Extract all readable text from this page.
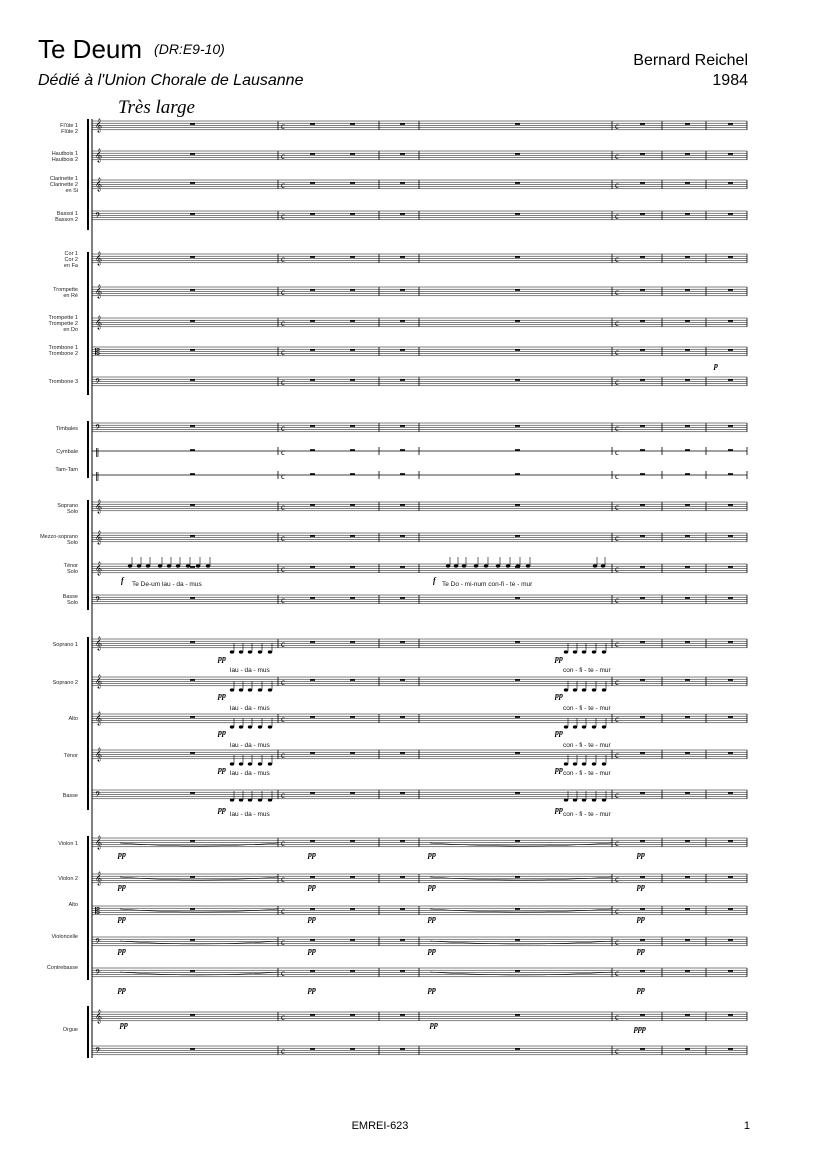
Te Deum (DR:E9-10)
Dédié à l'Union Chorale de Lausanne
Bernard Reichel
1984
Très large
𝄞	c	c
𝄞	c	c
𝄞	c	c
𝄢	c	c
𝄞	c	c
𝄞	c	c
𝄞	c	c
𝄡	c	c
𝄢	c	c
𝄢	c	c
‖	c	c
‖	c	c
𝄞	c	c
𝄞	c	c
𝄞	c	c
𝄢	c	c
𝄞	c	c
𝄞	c	c
𝄞	c	c
𝄞	c	c
𝄢	c	c
𝄞	c	c
𝄞	c	c
𝄡	c	c
𝄢	c	c
𝄢	c	c
𝄞	c	c
𝄢	c	c
Fl'ûte 1
Flûte 2
Hautbois 1
Hautbois 2
Clarinette 1
Clarinette 2
en Si
Bassoi 1
Basson 2
Cor 1
Cor 2
en Fa
Trompette
en Ré
Trompette 1
Trompette 2
en Do
Trombone 1
Trombone 2
Trombone 3
Timbales
Cymbale
Tam-Tam
Soprano
Solo
Mezzo-soprano
Solo
Ténor
Solo
Basse
Solo
Soprano 1
Soprano 2
Alto
Ténor
Basse
Violon 1
Violon 2
Alto
Violoncelle
Contrebasse
Orgue
Te De-um lau - da - mus	Te Do - mi-num con-fi - te - mur
lau - da - mus	con - fi - te - mur
lau - da - mus	con - fi - te - mur
lau - da - mus	con - fi - te - mur
lau - da - mus	con - fi - te - mur
lau - da - mus	con - fi - te - mur
f	f
pp	pp
pp	pp
pp	pp
pp	pp
pp	pp
p
pp	pp	pp	pp
pp	pp	pp	pp
pp	pp	pp	pp
pp	pp	pp	pp
pp	pp	pp	pp
pp	pp	ppp
EMREI-623	1
